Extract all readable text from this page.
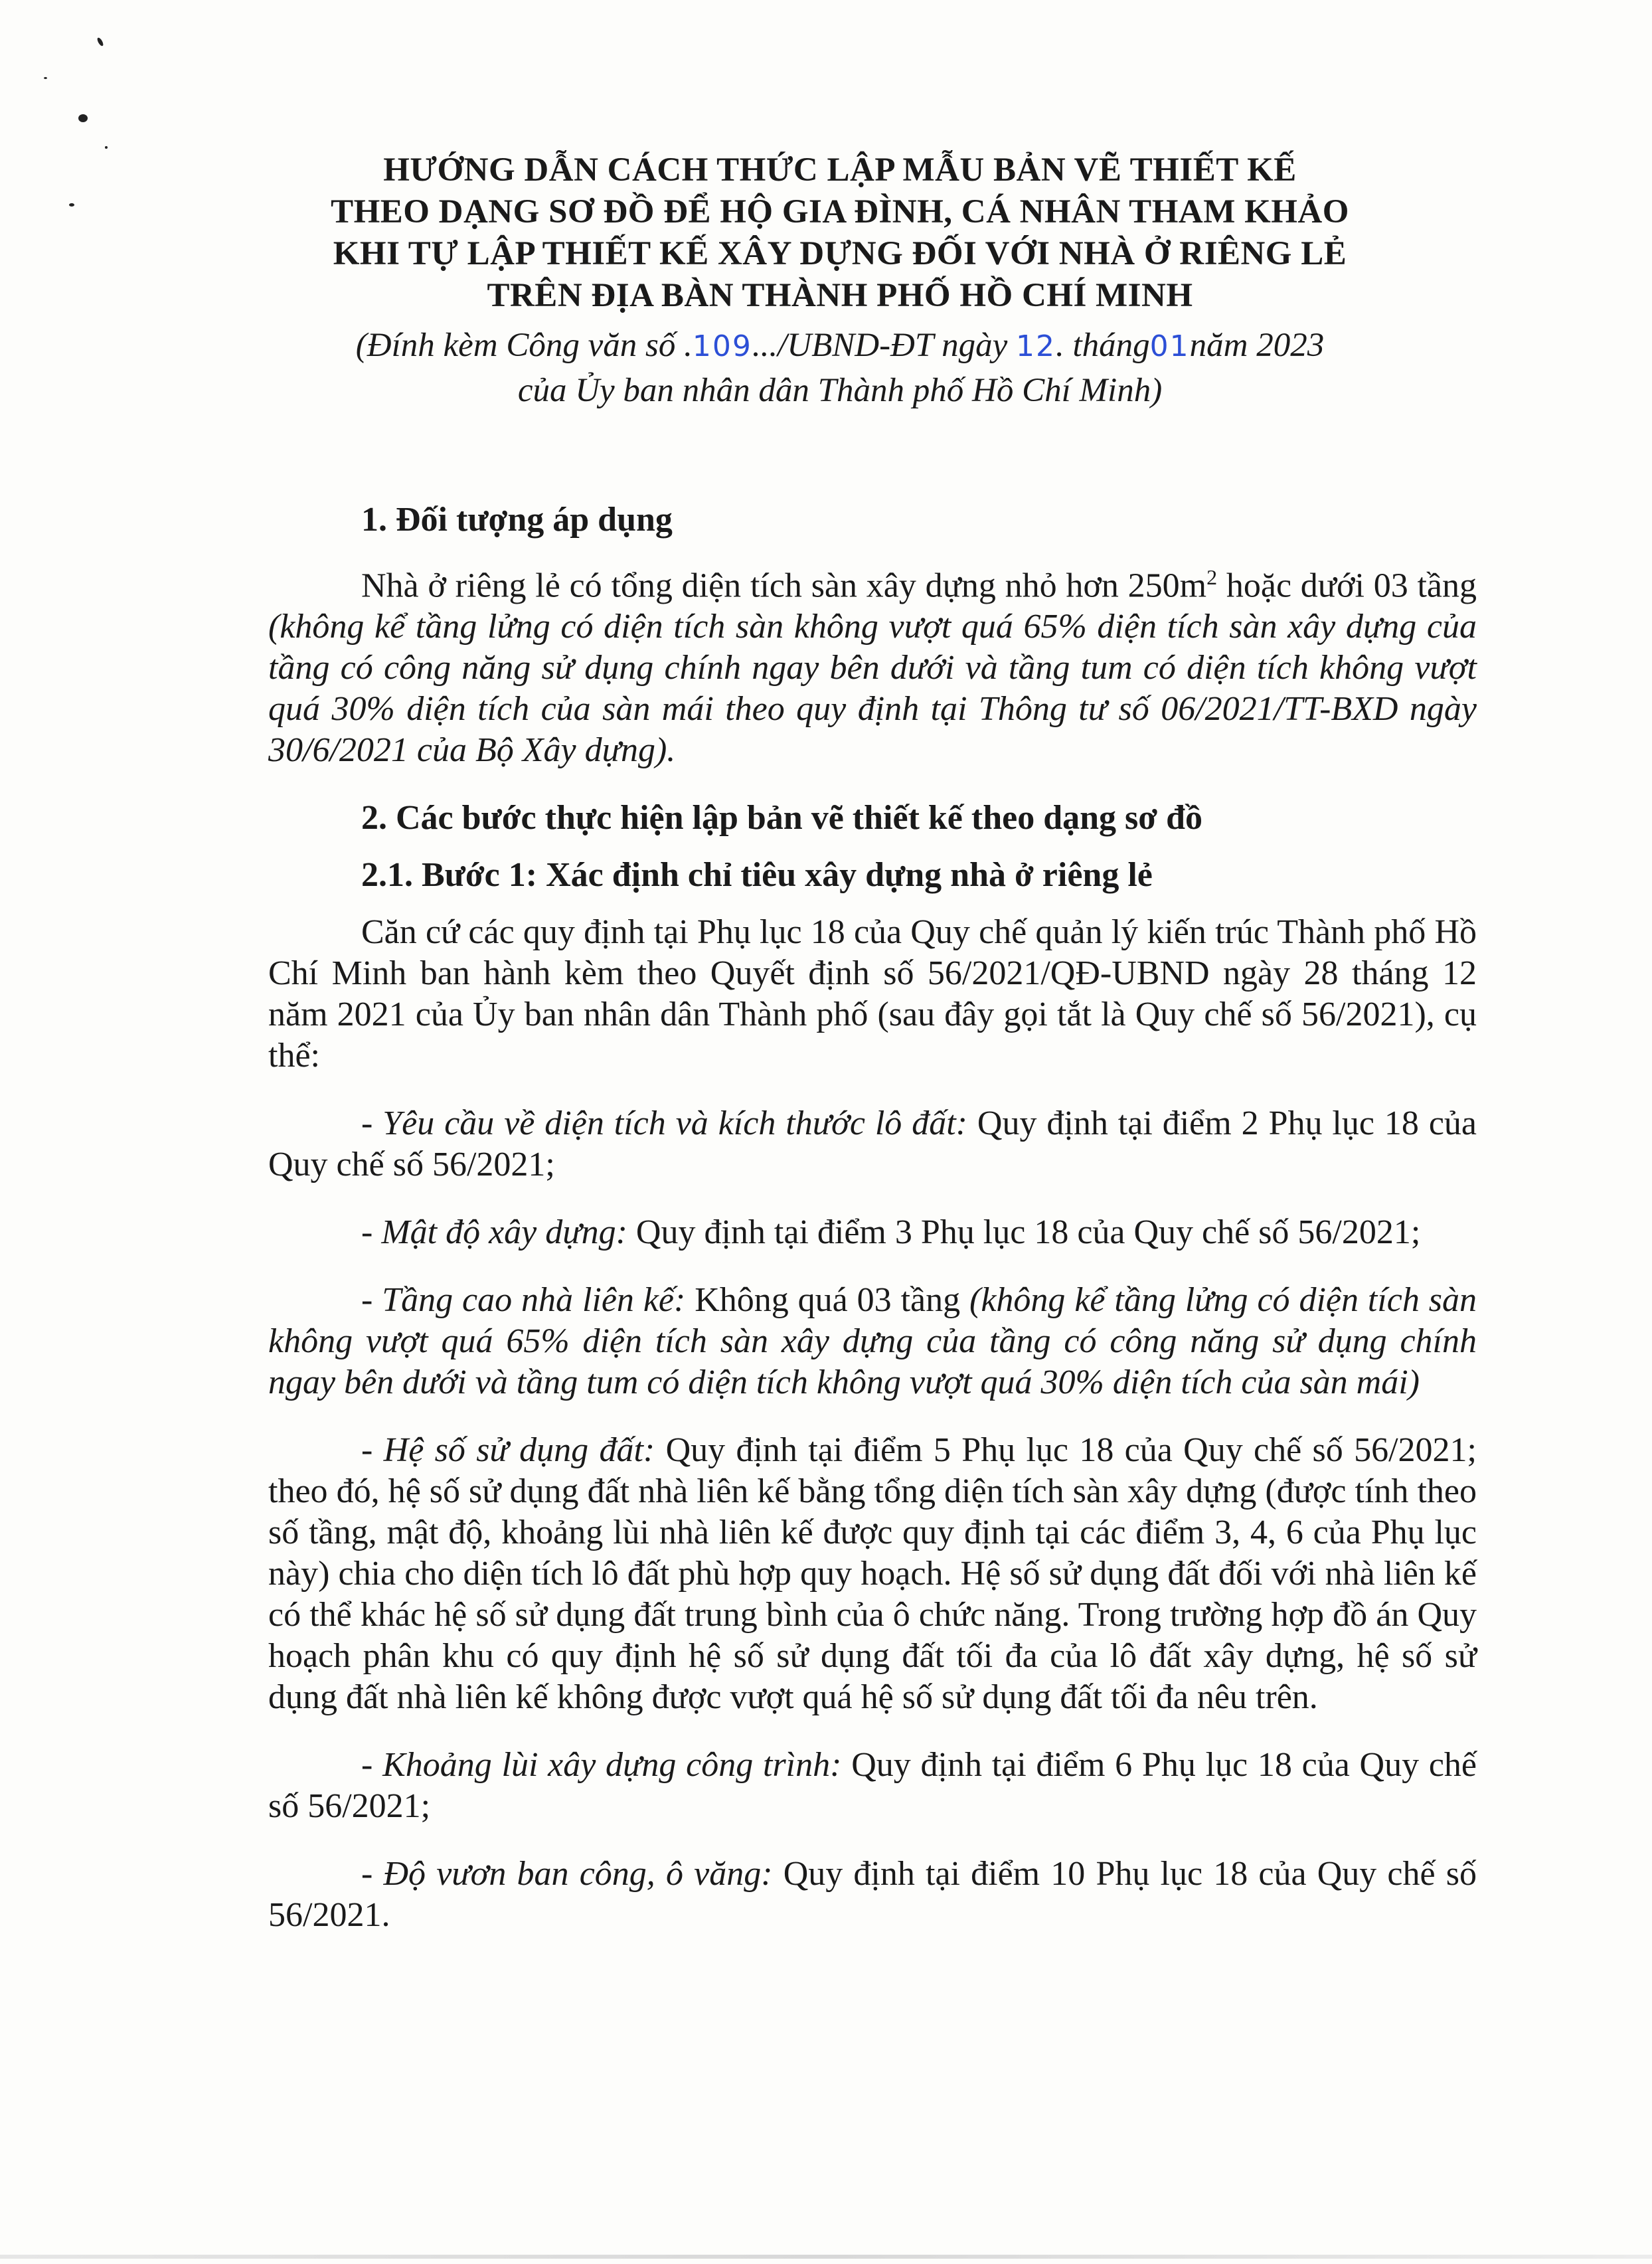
HƯỚNG DẪN CÁCH THỨC LẬP MẪU BẢN VẼ THIẾT KẾ
THEO DẠNG SƠ ĐỒ ĐỂ HỘ GIA ĐÌNH, CÁ NHÂN THAM KHẢO
KHI TỰ LẬP THIẾT KẾ XÂY DỰNG ĐỐI VỚI NHÀ Ở RIÊNG LẺ
TRÊN ĐỊA BÀN THÀNH PHỐ HỒ CHÍ MINH
(Đính kèm Công văn số .109.../UBND-ĐT ngày 12. tháng01năm 2023
của Ủy ban nhân dân Thành phố Hồ Chí Minh)

1. Đối tượng áp dụng

Nhà ở riêng lẻ có tổng diện tích sàn xây dựng nhỏ hơn $250m^2$ hoặc dưới 03 tầng (không kể tầng lửng có diện tích sàn không vượt quá 65% diện tích sàn xây dựng của tầng có công năng sử dụng chính ngay bên dưới và tầng tum có diện tích không vượt quá 30% diện tích của sàn mái theo quy định tại Thông tư số 06/2021/TT-BXD ngày 30/6/2021 của Bộ Xây dựng).

2. Các bước thực hiện lập bản vẽ thiết kế theo dạng sơ đồ

2.1. Bước 1: Xác định chỉ tiêu xây dựng nhà ở riêng lẻ

Căn cứ các quy định tại Phụ lục 18 của Quy chế quản lý kiến trúc Thành phố Hồ Chí Minh ban hành kèm theo Quyết định số 56/2021/QĐ-UBND ngày 28 tháng 12 năm 2021 của Ủy ban nhân dân Thành phố (sau đây gọi tắt là Quy chế số 56/2021), cụ thể:

- Yêu cầu về diện tích và kích thước lô đất: Quy định tại điểm 2 Phụ lục 18 của Quy chế số 56/2021;

- Mật độ xây dựng: Quy định tại điểm 3 Phụ lục 18 của Quy chế số 56/2021;

- Tầng cao nhà liên kế: Không quá 03 tầng (không kể tầng lửng có diện tích sàn không vượt quá 65% diện tích sàn xây dựng của tầng có công năng sử dụng chính ngay bên dưới và tầng tum có diện tích không vượt quá 30% diện tích của sàn mái)

- Hệ số sử dụng đất: Quy định tại điểm 5 Phụ lục 18 của Quy chế số 56/2021; theo đó, hệ số sử dụng đất nhà liên kế bằng tổng diện tích sàn xây dựng (được tính theo số tầng, mật độ, khoảng lùi nhà liên kế được quy định tại các điểm 3, 4, 6 của Phụ lục này) chia cho diện tích lô đất phù hợp quy hoạch. Hệ số sử dụng đất đối với nhà liên kế có thể khác hệ số sử dụng đất trung bình của ô chức năng. Trong trường hợp đồ án Quy hoạch phân khu có quy định hệ số sử dụng đất tối đa của lô đất xây dựng, hệ số sử dụng đất nhà liên kế không được vượt quá hệ số sử dụng đất tối đa nêu trên.

- Khoảng lùi xây dựng công trình: Quy định tại điểm 6 Phụ lục 18 của Quy chế số 56/2021;

- Độ vươn ban công, ô văng: Quy định tại điểm 10 Phụ lục 18 của Quy chế số 56/2021.
